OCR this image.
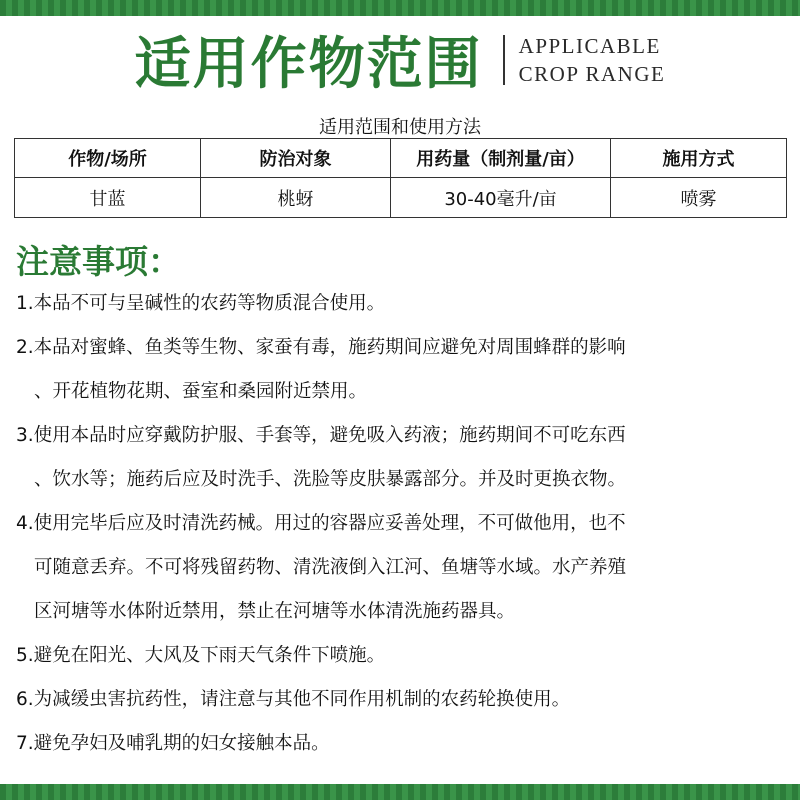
适用作物范围 APPLICABLE
CROP RANGE
适用范围和使用方法
作物/场所	防治对象	用药量（制剂量/亩）	施用方式
甘蓝	桃蚜	30-40毫升/亩	喷雾
注意事项：
1.本品不可与呈碱性的农药等物质混合使用。
2.本品对蜜蜂、鱼类等生物、家蚕有毒，施药期间应避免对周围蜂群的影响
、开花植物花期、蚕室和桑园附近禁用。
3.使用本品时应穿戴防护服、手套等，避免吸入药液；施药期间不可吃东西
、饮水等；施药后应及时洗手、洗脸等皮肤暴露部分。并及时更换衣物。
4.使用完毕后应及时清洗药械。用过的容器应妥善处理，不可做他用，也不
可随意丢弃。不可将残留药物、清洗液倒入江河、鱼塘等水域。水产养殖
区河塘等水体附近禁用，禁止在河塘等水体清洗施药器具。
5.避免在阳光、大风及下雨天气条件下喷施。
6.为减缓虫害抗药性，请注意与其他不同作用机制的农药轮换使用。
7.避免孕妇及哺乳期的妇女接触本品。
